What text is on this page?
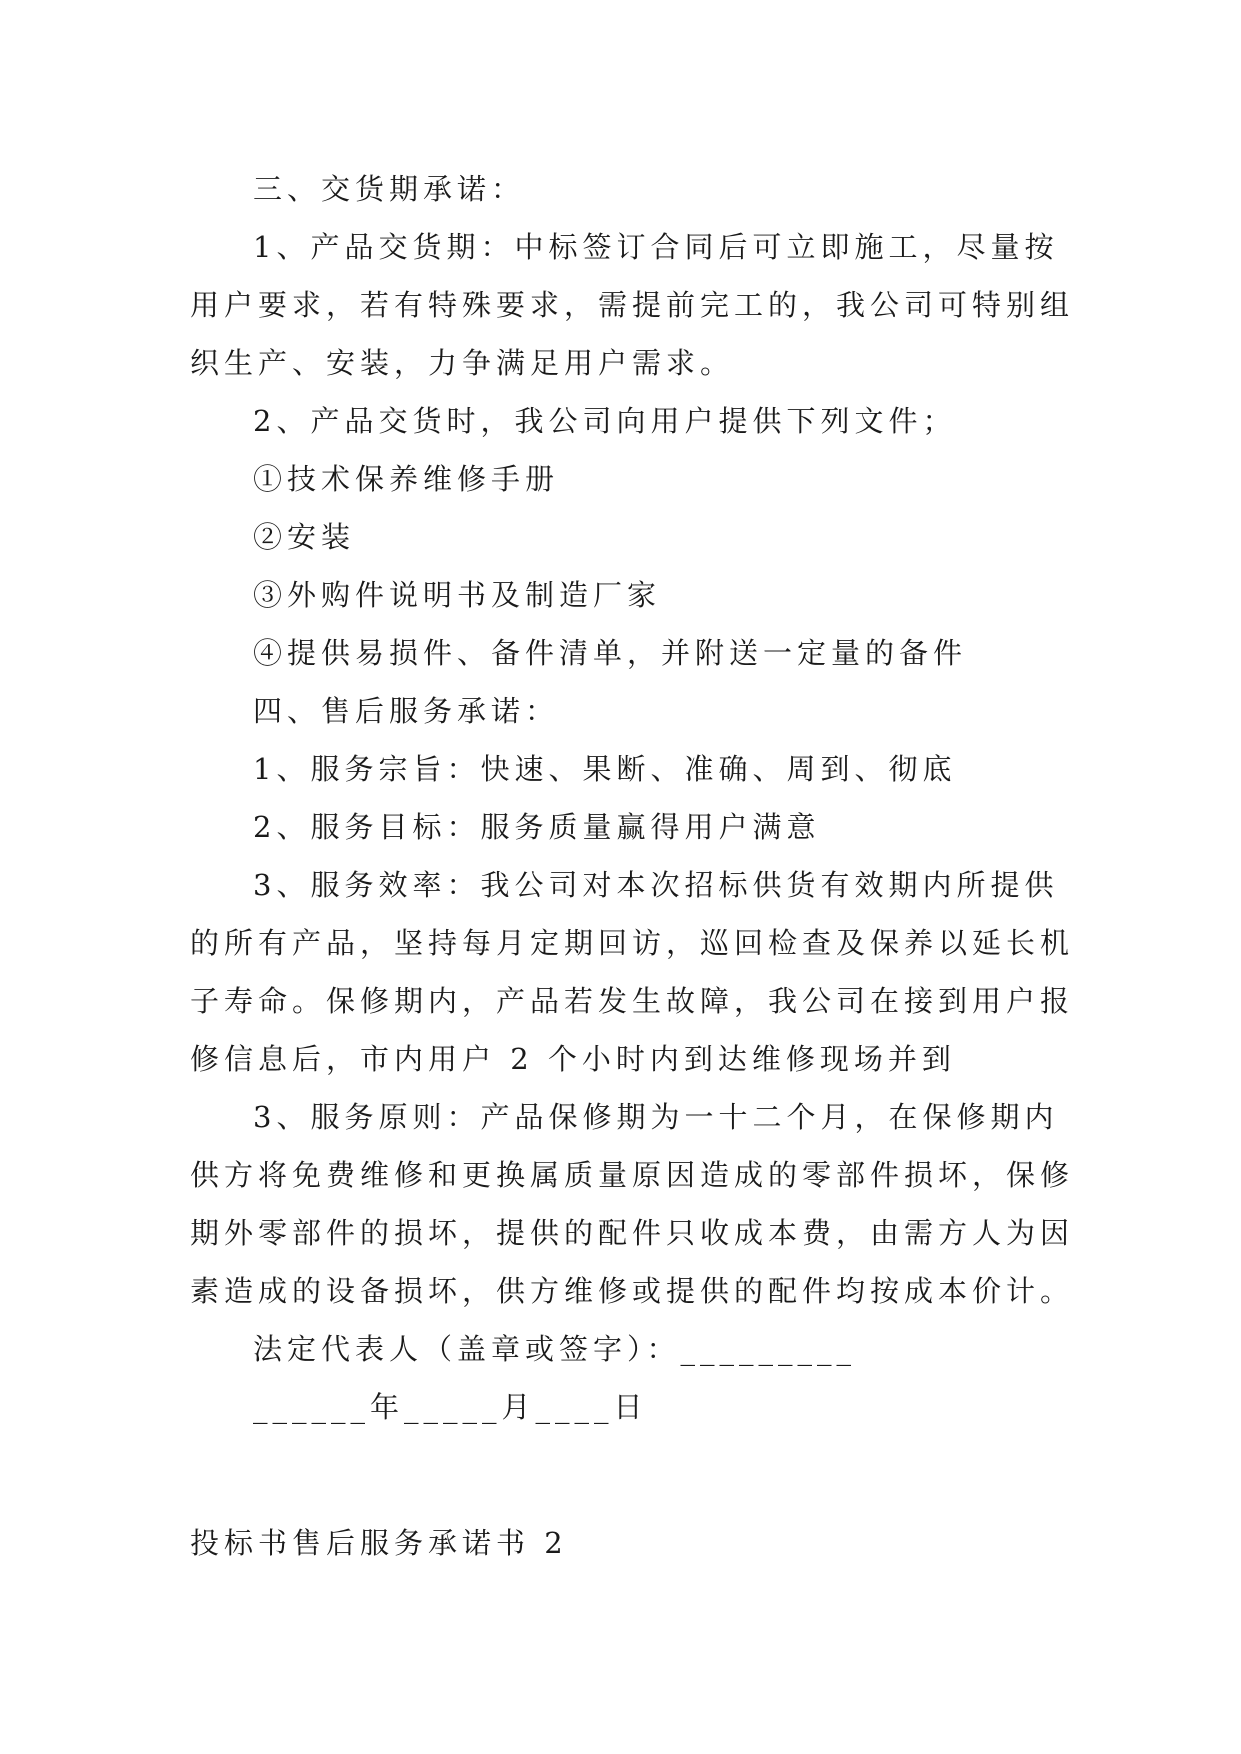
三、交货期承诺：

1、产品交货期：中标签订合同后可立即施工，尽量按

用户要求，若有特殊要求，需提前完工的，我公司可特别组

织生产、安装，力争满足用户需求。

2、产品交货时，我公司向用户提供下列文件；

①技术保养维修手册

②安装

③外购件说明书及制造厂家

④提供易损件、备件清单，并附送一定量的备件

四、售后服务承诺：

1、服务宗旨：快速、果断、准确、周到、彻底

2、服务目标：服务质量赢得用户满意

3、服务效率：我公司对本次招标供货有效期内所提供

的所有产品，坚持每月定期回访，巡回检查及保养以延长机

子寿命。保修期内，产品若发生故障，我公司在接到用户报

修信息后，市内用户 2 个小时内到达维修现场并到

3、服务原则：产品保修期为一十二个月，在保修期内

供方将免费维修和更换属质量原因造成的零部件损坏，保修

期外零部件的损坏，提供的配件只收成本费，由需方人为因

素造成的设备损坏，供方维修或提供的配件均按成本价计。

法定代表人（盖章或签字）：_________

______年_____月____日

投标书售后服务承诺书 2
